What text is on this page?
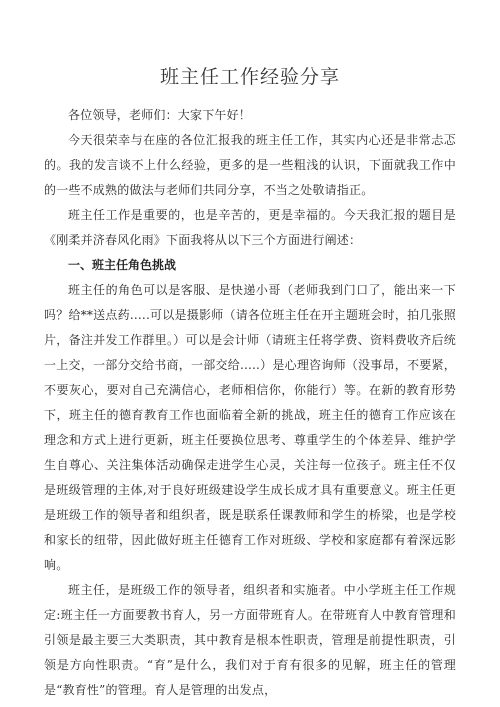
班主任工作经验分享

各位领导，老师们：大家下午好！

今天很荣幸与在座的各位汇报我的班主任工作，其实内心还是非常忐忑的。我的发言谈不上什么经验，更多的是一些粗浅的认识，下面就我工作中的一些不成熟的做法与老师们共同分享，不当之处敬请指正。

班主任工作是重要的，也是辛苦的，更是幸福的。今天我汇报的题目是《刚柔并济春风化雨》下面我将从以下三个方面进行阐述：

一、班主任角色挑战

班主任的角色可以是客服、是快递小哥（老师我到门口了，能出来一下吗？给**送点药.....可以是摄影师（请各位班主任在开主题班会时，拍几张照片，备注并发工作群里。）可以是会计师（请班主任将学费、资料费收齐后统一上交，一部分交给书商，一部交给.....）是心理咨询师（没事昂，不要紧，不要灰心，要对自己充满信心，老师相信你，你能行）等。在新的教育形势下，班主任的德育教育工作也面临着全新的挑战，班主任的德育工作应该在理念和方式上进行更新，班主任要换位思考、尊重学生的个体差异、维护学生自尊心、关注集体活动确保走进学生心灵，关注每一位孩子。班主任不仅是班级管理的主体,对于良好班级建设学生成长成才具有重要意义。班主任更是班级工作的领导者和组织者，既是联系任课教师和学生的桥梁，也是学校和家长的纽带，因此做好班主任德育工作对班级、学校和家庭都有着深远影响。

班主任，是班级工作的领导者，组织者和实施者。中小学班主任工作规定:班主任一方面要教书育人，另一方面带班育人。在带班育人中教育管理和引领是最主要三大类职责，其中教育是根本性职责，管理是前提性职责，引领是方向性职责。“育”是什么，我们对于育有很多的见解，班主任的管理是“教育性”的管理。育人是管理的出发点，
